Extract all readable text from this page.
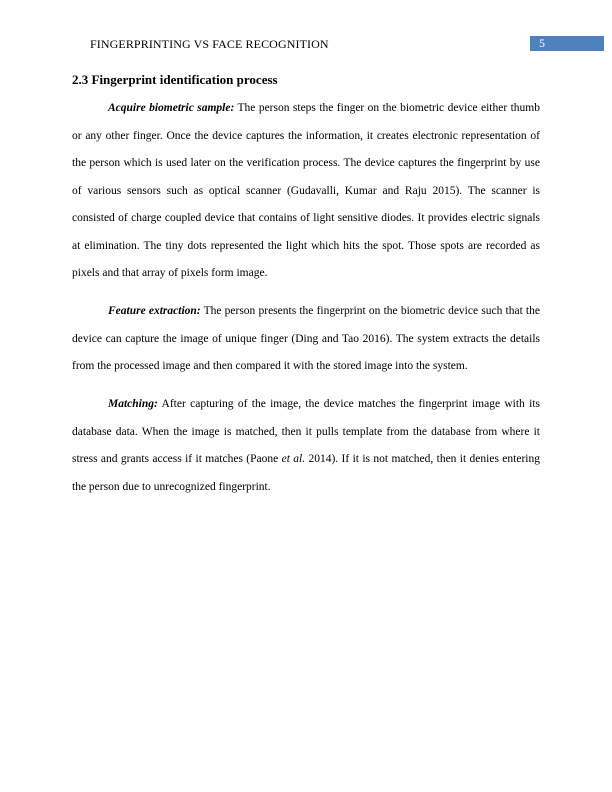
FINGERPRINTING VS FACE RECOGNITION	5
2.3 Fingerprint identification process

Acquire biometric sample: The person steps the finger on the biometric device either thumb or any other finger. Once the device captures the information, it creates electronic representation of the person which is used later on the verification process. The device captures the fingerprint by use of various sensors such as optical scanner (Gudavalli, Kumar and Raju 2015). The scanner is consisted of charge coupled device that contains of light sensitive diodes. It provides electric signals at elimination. The tiny dots represented the light which hits the spot. Those spots are recorded as pixels and that array of pixels form image.

Feature extraction: The person presents the fingerprint on the biometric device such that the device can capture the image of unique finger (Ding and Tao 2016). The system extracts the details from the processed image and then compared it with the stored image into the system.

Matching: After capturing of the image, the device matches the fingerprint image with its database data. When the image is matched, then it pulls template from the database from where it stress and grants access if it matches (Paone et al. 2014). If it is not matched, then it denies entering the person due to unrecognized fingerprint.
